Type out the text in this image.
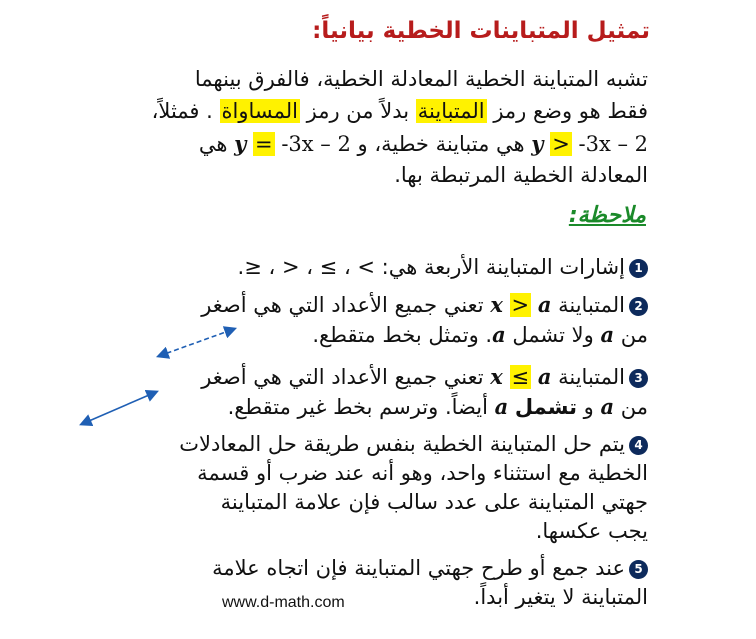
تمثيل المتباينات الخطية بيانياً:
تشبه المتباينة الخطية المعادلة الخطية، فالفرق بينهما
فقط هو وضع رمز المتباينة بدلاً من رمز المساواة . فمثلاً،
y > -3x – 2 هي متباينة خطية، و y = -3x – 2 هي
المعادلة الخطية المرتبطة بها.
ملاحظة:
1إشارات المتباينة الأربعة هي: > ، ≥ ، < ، ≤.
2المتباينة x > a تعني جميع الأعداد التي هي أصغر
من a ولا تشمل a. وتمثل بخط متقطع.
3المتباينة x ≤ a تعني جميع الأعداد التي هي أصغر
من a و تشمل a أيضاً. وترسم بخط غير متقطع.
4يتم حل المتباينة الخطية بنفس طريقة حل المعادلات
الخطية مع استثناء واحد، وهو أنه عند ضرب أو قسمة
جهتي المتباينة على عدد سالب فإن علامة المتباينة
يجب عكسها.
5عند جمع أو طرح جهتي المتباينة فإن اتجاه علامة
المتباينة لا يتغير أبداً.
www.d-math.com
